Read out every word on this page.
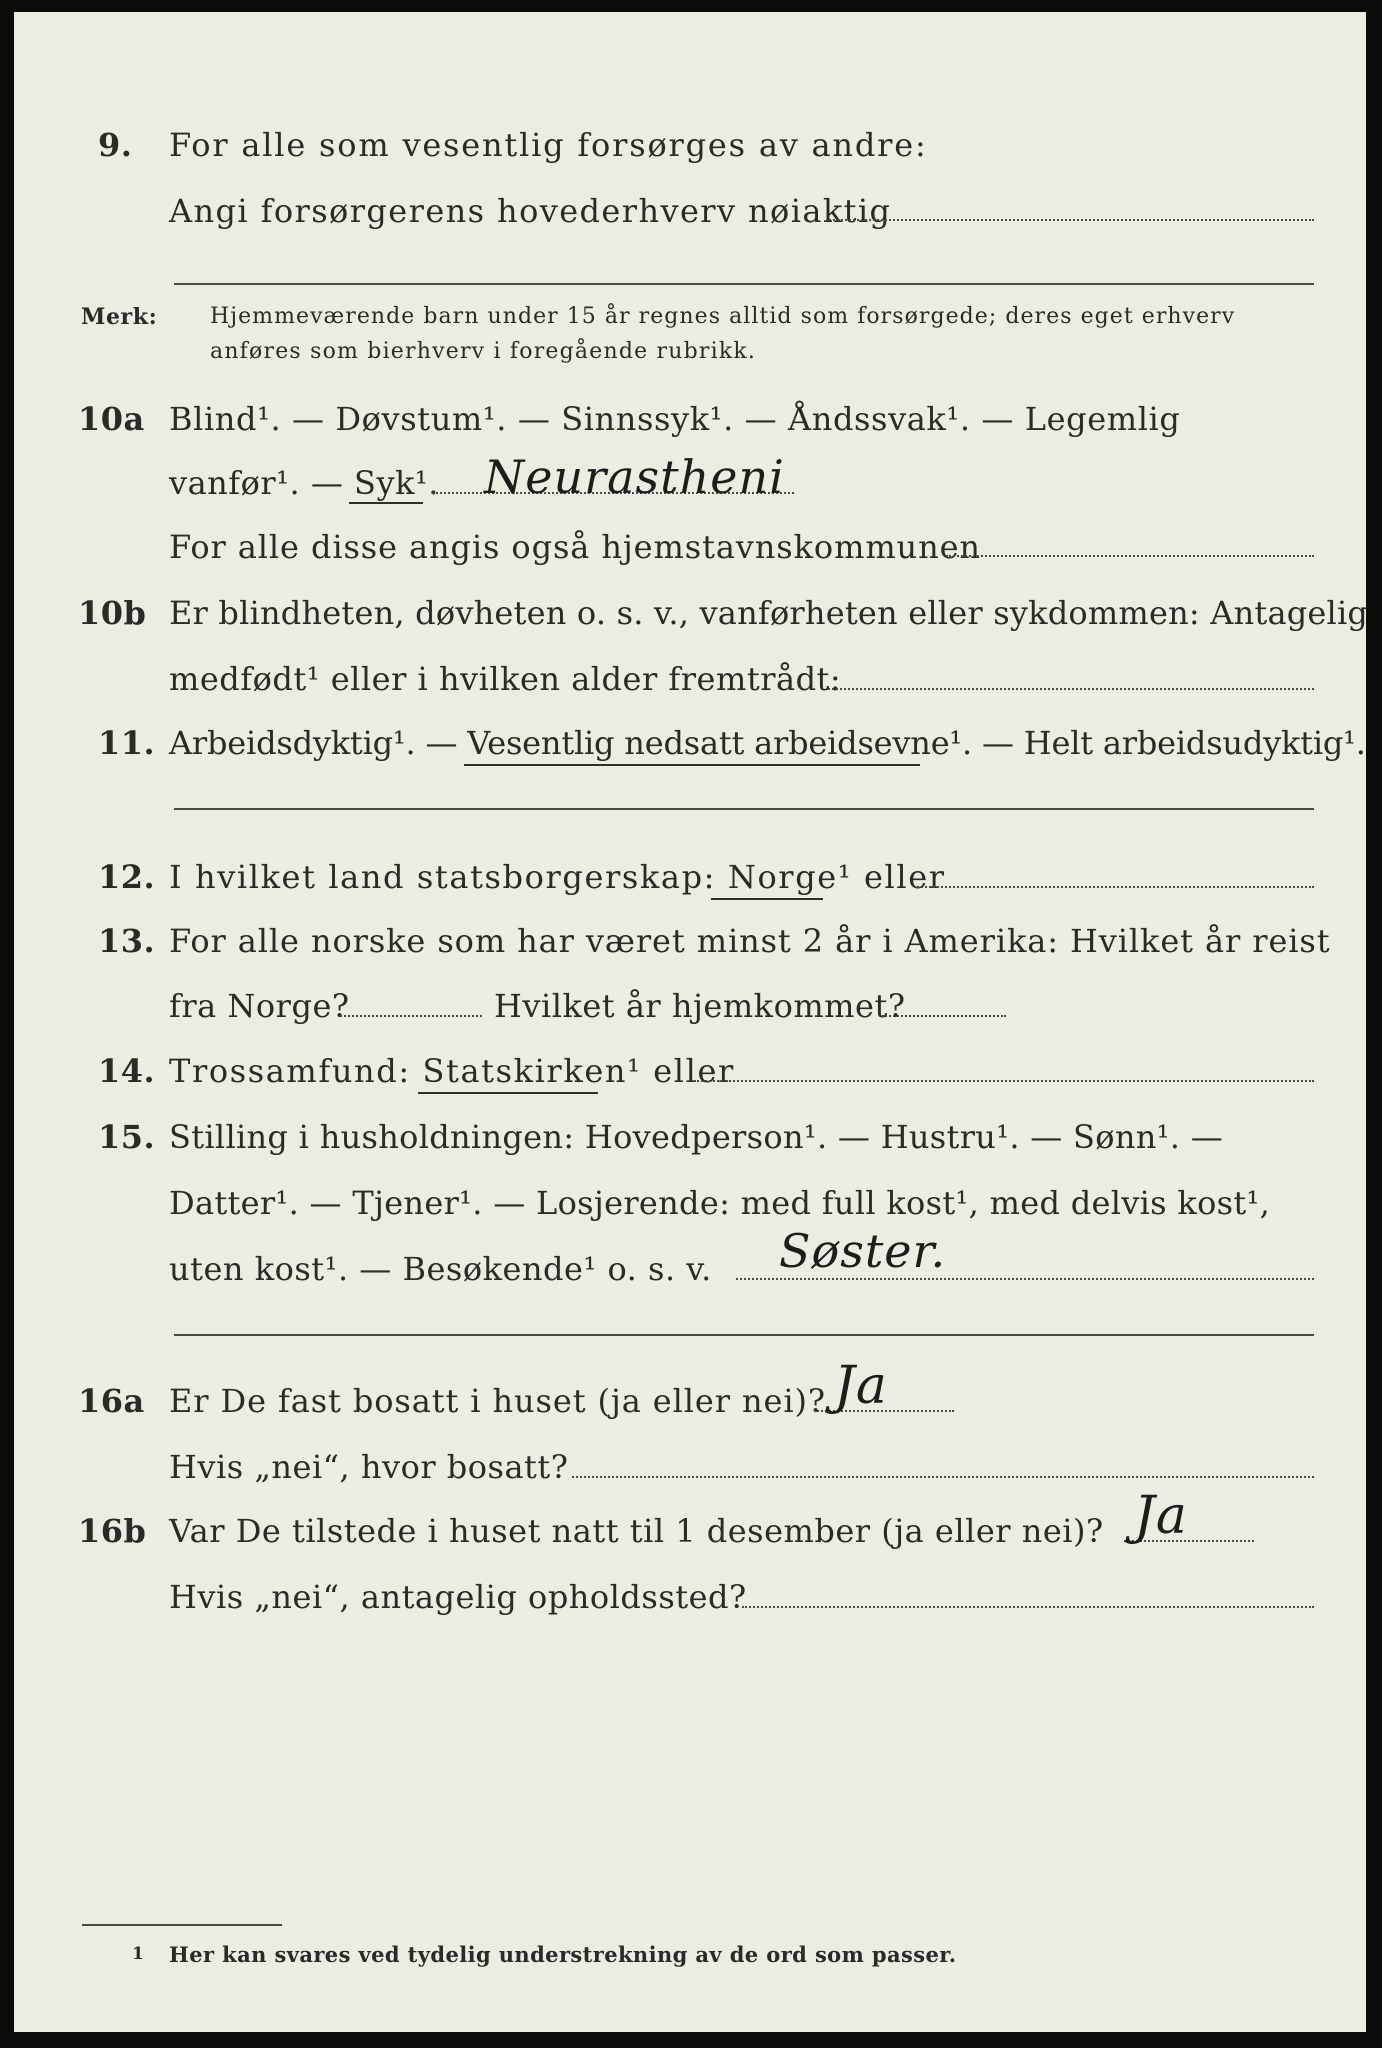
9. For alle som vesentlig forsørges av andre:
Angi forsørgerens hovederhverv nøiaktig
Merk: Hjemmeværende barn under 15 år regnes alltid som forsørgede; deres eget erhverv
anføres som bierhverv i foregående rubrikk.
10a Blind¹. — Døvstum¹. — Sinnssyk¹. — Åndssvak¹. — Legemlig
vanfør¹. — Syk¹. Neurastheni
For alle disse angis også hjemstavnskommunen
10b Er blindheten, døvheten o. s. v., vanførheten eller sykdommen: Antagelig
medfødt¹ eller i hvilken alder fremtrådt:
11. Arbeidsdyktig¹. — Vesentlig nedsatt arbeidsevne¹. — Helt arbeidsudyktig¹.
12. I hvilket land statsborgerskap: Norge¹ eller
13. For alle norske som har været minst 2 år i Amerika: Hvilket år reist
fra Norge?	Hvilket år hjemkommet?
14. Trossamfund: Statskirken¹ eller
15. Stilling i husholdningen: Hovedperson¹. — Hustru¹. — Sønn¹. —
Datter¹. — Tjener¹. — Losjerende: med full kost¹, med delvis kost¹,
uten kost¹. — Besøkende¹ o. s. v. Søster.
16a Er De fast bosatt i huset (ja eller nei)? Ja
Hvis „nei“, hvor bosatt?
16b Var De tilstede i huset natt til 1 desember (ja eller nei)? Ja
Hvis „nei“, antagelig opholdssted?
1 Her kan svares ved tydelig understrekning av de ord som passer.
